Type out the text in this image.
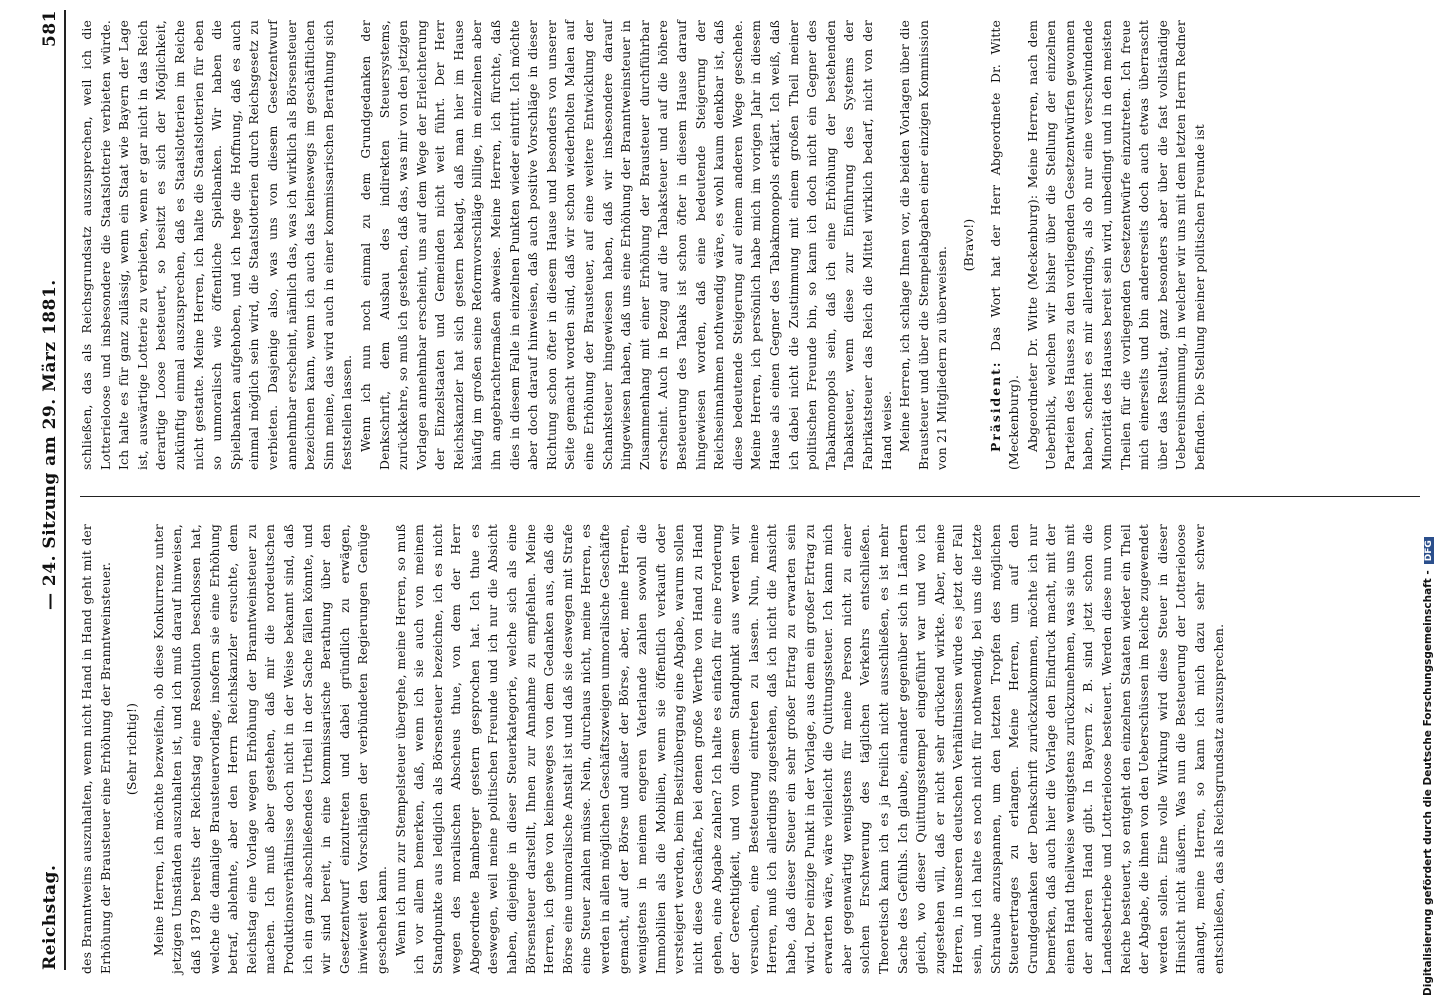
Reichstag.
— 24. Sitzung am 29. März 1881.
581

des Branntweins auszuhalten, wenn nicht Hand in Hand geht mit der Erhöhung der Brausteuer eine Erhöhung der Branntweinsteuer. (Sehr richtig!) Meine Herren, ich möchte bezweifeln, ob diese Konkurrenz unter jetzigen Umständen auszuhalten ist, und ich muß darauf hinweisen, daß 1879 bereits der Reichstag eine Resolution beschlossen hat, welche die damalige Brausteuervorlage, insofern sie eine Erhöhung betraf, ablehnte, aber den Herrn Reichskanzler ersuchte, dem Reichstag eine Vorlage wegen Erhöhung der Branntweinsteuer zu machen. Ich muß aber gestehen, daß mir die nordeutschen Produktionsverhältnisse doch nicht in der Weise bekannt sind, daß ich ein ganz abschließendes Urtheil in der Sache fällen könnte, und wir sind bereit, in eine kommissarische Berathung über den Gesetzentwurf einzutreten und dabei gründlich zu erwägen, inwieweit den Vorschlägen der verbündeten Regierungen Genüge geschehen kann. Wenn ich nun zur Stempelsteuer übergehe, meine Herren, so muß ich vor allem bemerken, daß, wenn ich sie auch von meinem Standpunkte aus lediglich als Börsensteuer bezeichne, ich es nicht wegen des moralischen Abscheus thue, von dem der Herr Abgeordnete Bamberger gestern gesprochen hat. Ich thue es deswegen, weil meine politischen Freunde und ich nur die Absicht haben, diejenige in dieser Steuerkategorie, welche sich als eine Börsensteuer darstellt, Ihnen zur Annahme zu empfehlen. Meine Herren, ich gehe von keinesweges von dem Gedanken aus, daß die Börse eine unmoralische Anstalt ist und daß sie deswegen mit Strafe eine Steuer zahlen müsse. Nein, durchaus nicht, meine Herren, es werden in allen möglichen Geschäftszweigen unmoralische Geschäfte gemacht, auf der Börse und außer der Börse, aber, meine Herren, wenigstens in meinem engeren Vaterlande zahlen sowohl die Immobilien als die Mobilien, wenn sie öffentlich verkauft oder versteigert werden, beim Besitzübergang eine Abgabe, warum sollen nicht diese Geschäfte, bei denen große Werthe von Hand zu Hand gehen, eine Abgabe zahlen? Ich halte es einfach für eine Forderung der Gerechtigkeit, und von diesem Standpunkt aus werden wir versuchen, eine Besteuerung eintreten zu lassen. Nun, meine Herren, muß ich allerdings zugestehen, daß ich nicht die Ansicht habe, daß dieser Steuer ein sehr großer Ertrag zu erwarten sein wird. Der einzige Punkt in der Vorlage, aus dem ein großer Ertrag zu erwarten wäre, wäre vielleicht die Quittungssteuer. Ich kann mich aber gegenwärtig wenigstens für meine Person nicht zu einer solchen Erschwerung des täglichen Verkehrs entschließen. Theoretisch kann ich es ja freilich nicht ausschließen, es ist mehr Sache des Gefühls. Ich glaube, einander gegenüber sich in Ländern gleich, wo dieser Quittungsstempel eingeführt war und wo ich zugestehen will, daß er nicht sehr drückend wirkte. Aber, meine Herren, in unseren deutschen Verhältnissen würde es jetzt der Fall sein, und ich halte es noch nicht für nothwendig, bei uns die letzte Schraube anzuspannen, um den letzten Tropfen des möglichen Steuerertrages zu erlangen. Meine Herren, um auf den Grundgedanken der Denkschrift zurückzukommen, möchte ich nur bemerken, daß auch hier die Vorlage den Eindruck macht, mit der einen Hand theilweise wenigstens zurückzunehmen, was sie uns mit der anderen Hand gibt. In Bayern z. B. sind jetzt schon die Landesbetriebe und Lotterieloose besteuert. Werden diese nun vom Reiche besteuert, so entgeht den einzelnen Staaten wieder ein Theil der Abgabe, die ihnen von den Ueberschüssen im Reiche zugewendet werden sollen. Eine volle Wirkung wird diese Steuer in dieser Hinsicht nicht äußern. Was nun die Besteuerung der Lotterieloose anlangt, meine Herren, so kann ich mich dazu sehr schwer entschließen, das als Reichsgrundsatz auszusprechen.

schließen, das als Reichsgrundsatz auszusprechen, weil ich die Lotterieloose und insbesondere die Staatslotterie verbieten würde. Ich halte es für ganz zulässig, wenn ein Staat wie Bayern der Lage ist, auswärtige Lotterie zu verbieten, wenn er gar nicht in das Reich derartige Loose besteuert, so besitzt es sich der Möglichkeit, zukünftig einmal auszusprechen, daß es Staatslotterien im Reiche nicht gestatte. Meine Herren, ich halte die Staatslotterien für eben so unmoralisch wie öffentliche Spielbanken. Wir haben die Spielbanken aufgehoben, und ich hege die Hoffnung, daß es auch einmal möglich sein wird, die Staatslotterien durch Reichsgesetz zu verbieten. Dasjenige also, was uns von diesem Gesetzentwurf annehmbar erscheint, nämlich das, was ich wirklich als Börsensteuer bezeichnen kann, wenn ich auch das keineswegs im geschäftlichen Sinn meine, das wird auch in einer kommissarischen Berathung sich feststellen lassen. Wenn ich nun noch einmal zu dem Grundgedanken der Denkschrift, dem Ausbau des indirekten Steuersystems, zurückkehre, so muß ich gestehen, daß das, was mir von den jetzigen Vorlagen annehmbar erscheint, uns auf dem Wege der Erleichterung der Einzelstaaten und Gemeinden nicht weit führt. Der Herr Reichskanzler hat sich gestern beklagt, daß man hier im Hause häufig im großen seine Reformvorschläge billige, im einzelnen aber ihn angebrachtermaßen abweise. Meine Herren, ich fürchte, daß dies in diesem Falle in einzelnen Punkten wieder eintritt. Ich möchte aber doch darauf hinweisen, daß auch positive Vorschläge in dieser Richtung schon öfter in diesem Hause und besonders von unserer Seite gemacht worden sind, daß wir schon wiederholten Malen auf eine Erhöhung der Brausteuer, auf eine weitere Entwicklung der Schanksteuer hingewiesen haben, daß wir insbesondere darauf hingewiesen haben, daß uns eine Erhöhung der Branntweinsteuer in Zusammenhang mit einer Erhöhung der Brausteuer durchführbar erscheint. Auch in Bezug auf die Tabaksteuer und auf die höhere Besteuerung des Tabaks ist schon öfter in diesem Hause darauf hingewiesen worden, daß eine bedeutende Steigerung der Reichseinnahmen nothwendig wäre, es wohl kaum denkbar ist, daß diese bedeutende Steigerung auf einem anderen Wege geschehe. Meine Herren, ich persönlich habe mich im vorigen Jahr in diesem Hause als einen Gegner des Tabakmonopols erklärt. Ich weiß, daß ich dabei nicht die Zustimmung mit einem großen Theil meiner politischen Freunde bin, so kann ich doch nicht ein Gegner des Tabakmonopols sein, daß ich eine Erhöhung der bestehenden Tabaksteuer, wenn diese zur Einführung des Systems der Fabrikatsteuer das Reich die Mittel wirklich bedarf, nicht von der Hand weise. Meine Herren, ich schlage Ihnen vor, die beiden Vorlagen über die Brausteuer und über die Stempelabgaben einer einzigen Kommission von 21 Mitgliedern zu überweisen.

(Bravo!)

Präsident: Das Wort hat der Herr Abgeordnete Dr. Witte (Meckenburg). Abgeordneter Dr. Witte (Meckenburg): Meine Herren, nach dem Ueberblick, welchen wir bisher über die Stellung der einzelnen Parteien des Hauses zu den vorliegenden Gesetzentwürfen gewonnen haben, scheint es mir allerdings, als ob nur eine verschwindende Minorität des Hauses bereit sein wird, unbedingt und in den meisten Theilen für die vorliegenden Gesetzentwürfe einzutreten. Ich freue mich einerseits und bin andererseits doch auch etwas überrascht über das Resultat, ganz besonders aber über die fast vollständige Uebereinstimmung, in welcher wir uns mit dem letzten Herrn Redner befinden. Die Stellung meiner politischen Freunde ist

Digitalisierung gefördert durch die Deutsche Forschungsgemeinschaft -DFG
